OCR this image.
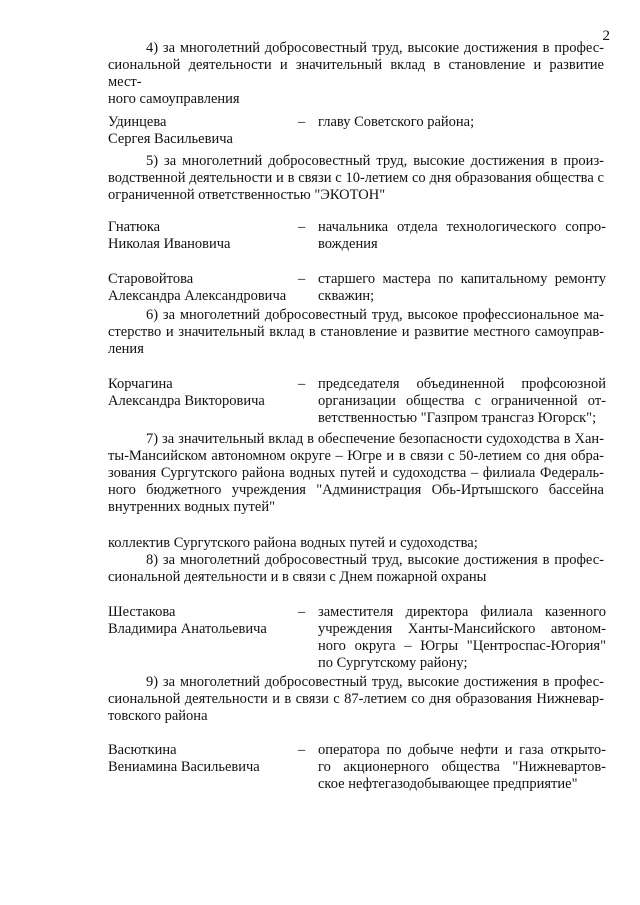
2
4) за многолетний добросовестный труд, высокие достижения в профес-
сиональной деятельности и значительный вклад в становление и развитие мест-
ного самоуправления
Удинцева
Сергея Васильевича
– главу Советского района;
5) за многолетний добросовестный труд, высокие достижения в произ-
водственной деятельности и в связи с 10-летием со дня образования общества с
ограниченной ответственностью "ЭКОТОН"
Гнатюка
Николая Ивановича
– начальника отдела технологического сопро-
вождения
Старовойтова
Александра Александровича
– старшего мастера по капитальному ремонту
скважин;
6) за многолетний добросовестный труд, высокое профессиональное ма-
стерство и значительный вклад в становление и развитие местного самоуправ-
ления
Корчагина
Александра Викторовича
– председателя объединенной профсоюзной
организации общества с ограниченной от-
ветственностью "Газпром трансгаз Югорск";
7) за значительный вклад в обеспечение безопасности судоходства в Хан-
ты-Мансийском автономном округе – Югре и в связи с 50-летием со дня обра-
зования Сургутского района водных путей и судоходства – филиала Федераль-
ного бюджетного учреждения "Администрация Обь-Иртышского бассейна
внутренних водных путей"
коллектив Сургутского района водных путей и судоходства;
8) за многолетний добросовестный труд, высокие достижения в профес-
сиональной деятельности и в связи с Днем пожарной охраны
Шестакова
Владимира Анатольевича
– заместителя директора филиала казенного
учреждения Ханты-Мансийского автоном-
ного округа – Югры "Центроспас-Югория"
по Сургутскому району;
9) за многолетний добросовестный труд, высокие достижения в профес-
сиональной деятельности и в связи с 87-летием со дня образования Нижневар-
товского района
Васюткина
Вениамина Васильевича
– оператора по добыче нефти и газа открыто-
го акционерного общества "Нижневартов-
ское нефтегазодобывающее предприятие"
